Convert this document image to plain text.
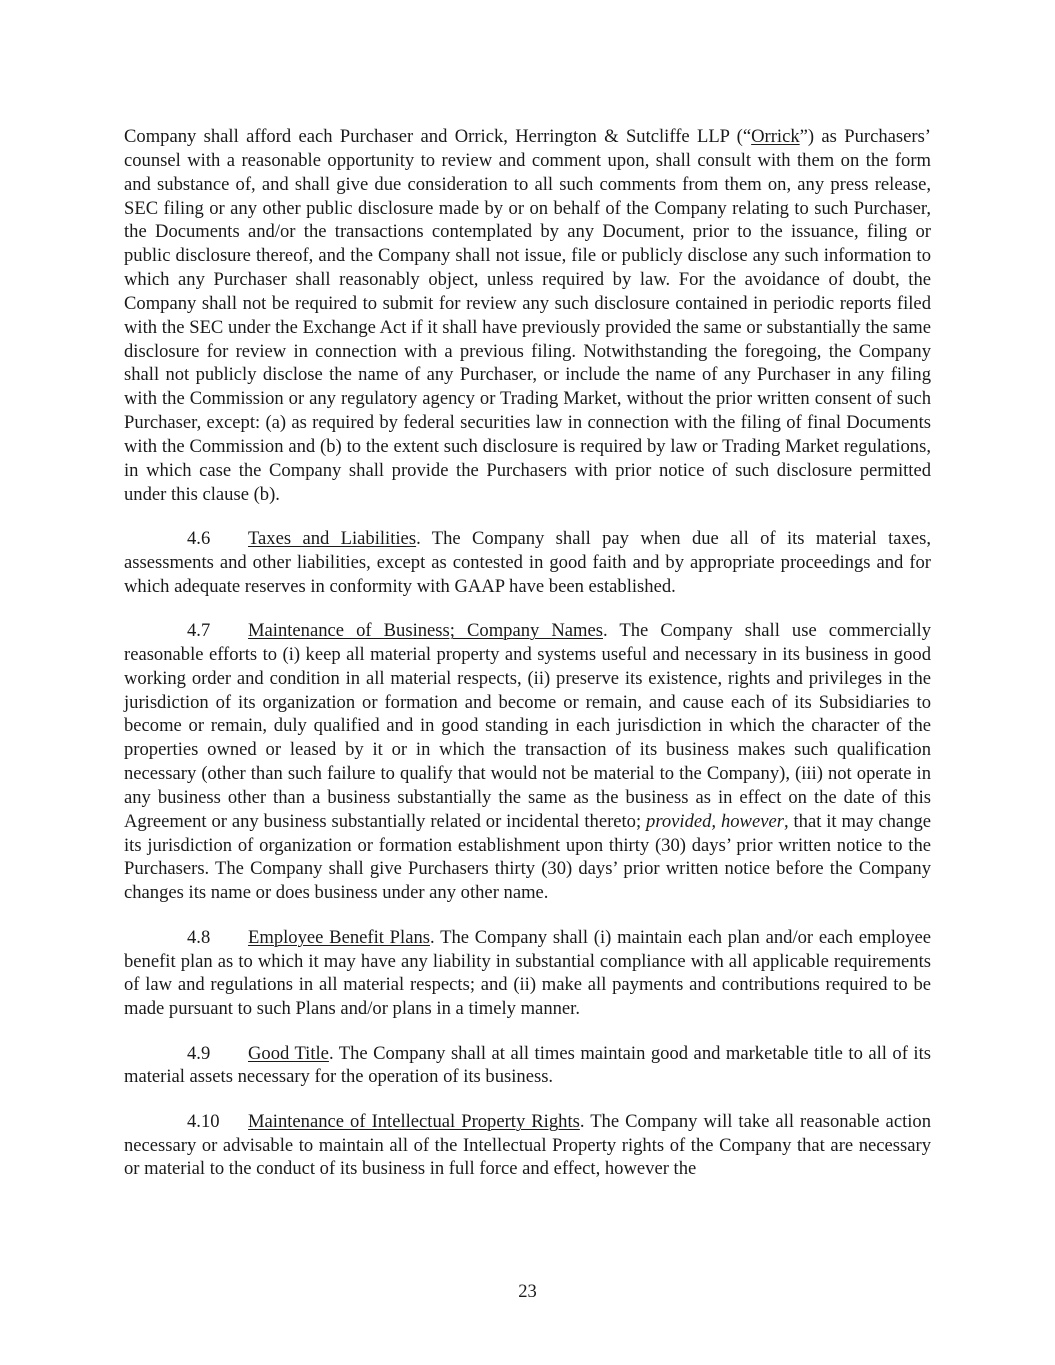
Company shall afford each Purchaser and Orrick, Herrington & Sutcliffe LLP (“Orrick”) as Purchasers’ counsel with a reasonable opportunity to review and comment upon, shall consult with them on the form and substance of, and shall give due consideration to all such comments from them on, any press release, SEC filing or any other public disclosure made by or on behalf of the Company relating to such Purchaser, the Documents and/or the transactions contemplated by any Document, prior to the issuance, filing or public disclosure thereof, and the Company shall not issue, file or publicly disclose any such information to which any Purchaser shall reasonably object, unless required by law. For the avoidance of doubt, the Company shall not be required to submit for review any such disclosure contained in periodic reports filed with the SEC under the Exchange Act if it shall have previously provided the same or substantially the same disclosure for review in connection with a previous filing. Notwithstanding the foregoing, the Company shall not publicly disclose the name of any Purchaser, or include the name of any Purchaser in any filing with the Commission or any regulatory agency or Trading Market, without the prior written consent of such Purchaser, except: (a) as required by federal securities law in connection with the filing of final Documents with the Commission and (b) to the extent such disclosure is required by law or Trading Market regulations, in which case the Company shall provide the Purchasers with prior notice of such disclosure permitted under this clause (b).

4.6 Taxes and Liabilities. The Company shall pay when due all of its material taxes, assessments and other liabilities, except as contested in good faith and by appropriate proceedings and for which adequate reserves in conformity with GAAP have been established.

4.7 Maintenance of Business; Company Names. The Company shall use commercially reasonable efforts to (i) keep all material property and systems useful and necessary in its business in good working order and condition in all material respects, (ii) preserve its existence, rights and privileges in the jurisdiction of its organization or formation and become or remain, and cause each of its Subsidiaries to become or remain, duly qualified and in good standing in each jurisdiction in which the character of the properties owned or leased by it or in which the transaction of its business makes such qualification necessary (other than such failure to qualify that would not be material to the Company), (iii) not operate in any business other than a business substantially the same as the business as in effect on the date of this Agreement or any business substantially related or incidental thereto; provided, however, that it may change its jurisdiction of organization or formation establishment upon thirty (30) days’ prior written notice to the Purchasers. The Company shall give Purchasers thirty (30) days’ prior written notice before the Company changes its name or does business under any other name.

4.8 Employee Benefit Plans. The Company shall (i) maintain each plan and/or each employee benefit plan as to which it may have any liability in substantial compliance with all applicable requirements of law and regulations in all material respects; and (ii) make all payments and contributions required to be made pursuant to such Plans and/or plans in a timely manner.

4.9 Good Title. The Company shall at all times maintain good and marketable title to all of its material assets necessary for the operation of its business.

4.10 Maintenance of Intellectual Property Rights. The Company will take all reasonable action necessary or advisable to maintain all of the Intellectual Property rights of the Company that are necessary or material to the conduct of its business in full force and effect, however the

23
